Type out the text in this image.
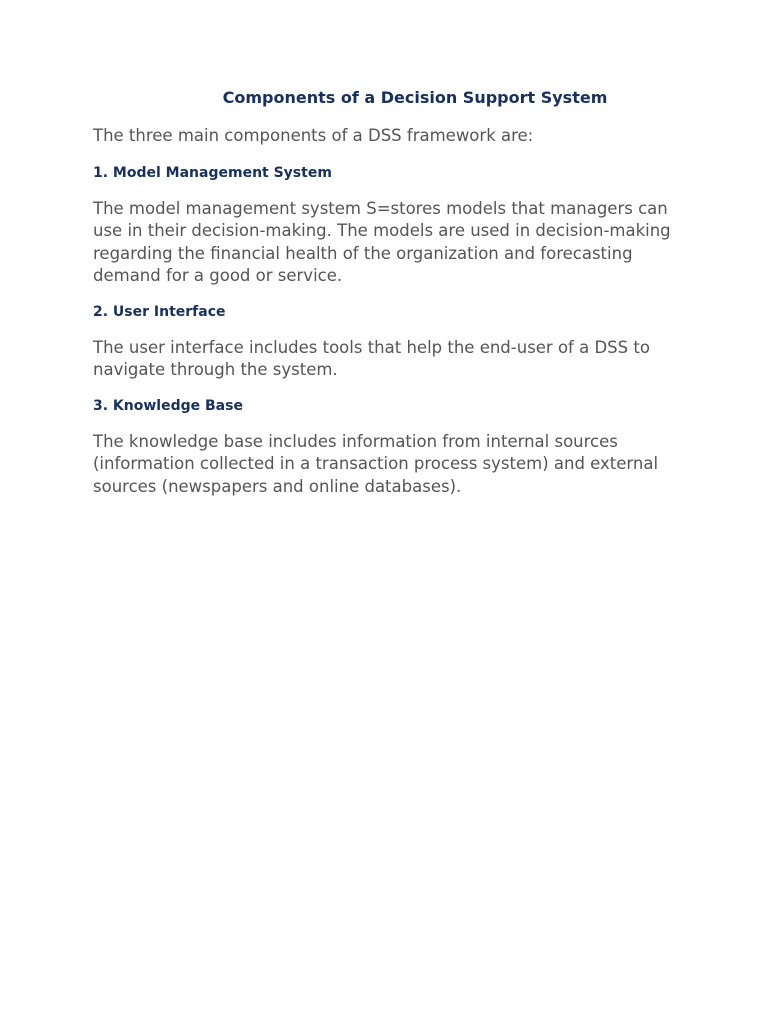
Components of a Decision Support System

The three main components of a DSS framework are:

1. Model Management System

The model management system S=stores models that managers can use in their decision-making. The models are used in decision-making regarding the financial health of the organization and forecasting demand for a good or service.

2. User Interface

The user interface includes tools that help the end-user of a DSS to navigate through the system.

3. Knowledge Base

The knowledge base includes information from internal sources (information collected in a transaction process system) and external sources (newspapers and online databases).
